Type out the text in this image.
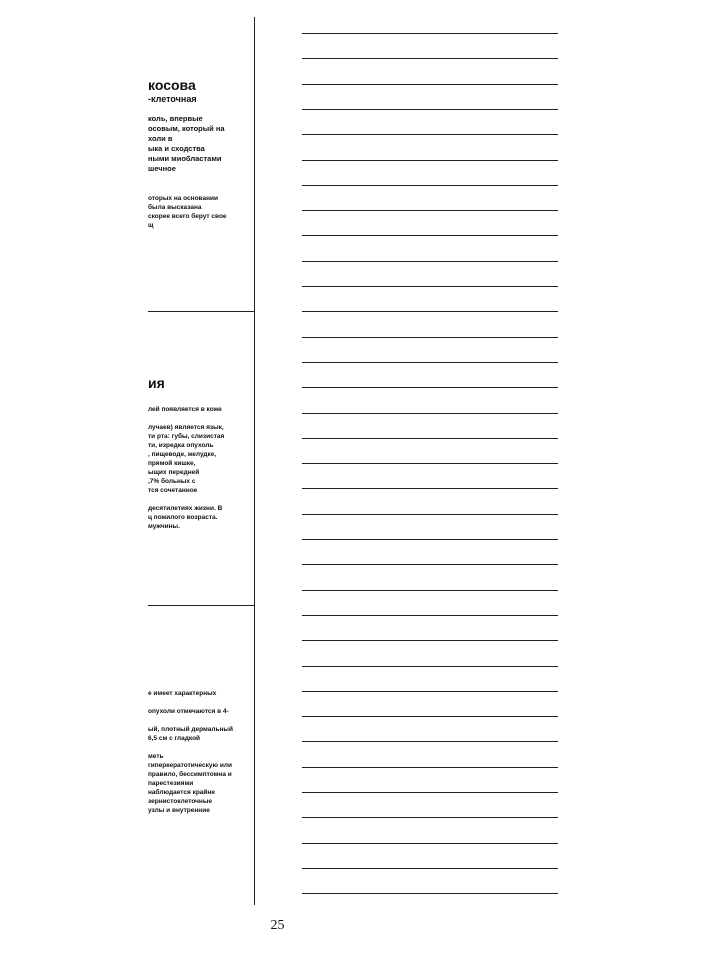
косова
-клеточная
коль, впервые
осовым, который на
холи в
ыка и сходства
ными миобластами
шечное
оторых на основании
была высказана
скорее всего берут свое
щ
ия
лей появляется в коже

лучаев) является язык,
ти рта: губы, слизистая
ти, изредка опухоль
, пищеводе, желудке,
прямой кишке,
ыщих передней
,7% больных с
тся сочетанное

десятилетиях жизни. В
ц пожилого возраста.
мужчины.
е имеет характерных

опухоли отмечаются в 4-

ый, плотный дермальный
6,5 см с гладкой

меть
гиперкератотическую или
правило, бессимптомна и
парестезиями
наблюдается крайне
зернистоклеточные
узлы и внутренние
25
